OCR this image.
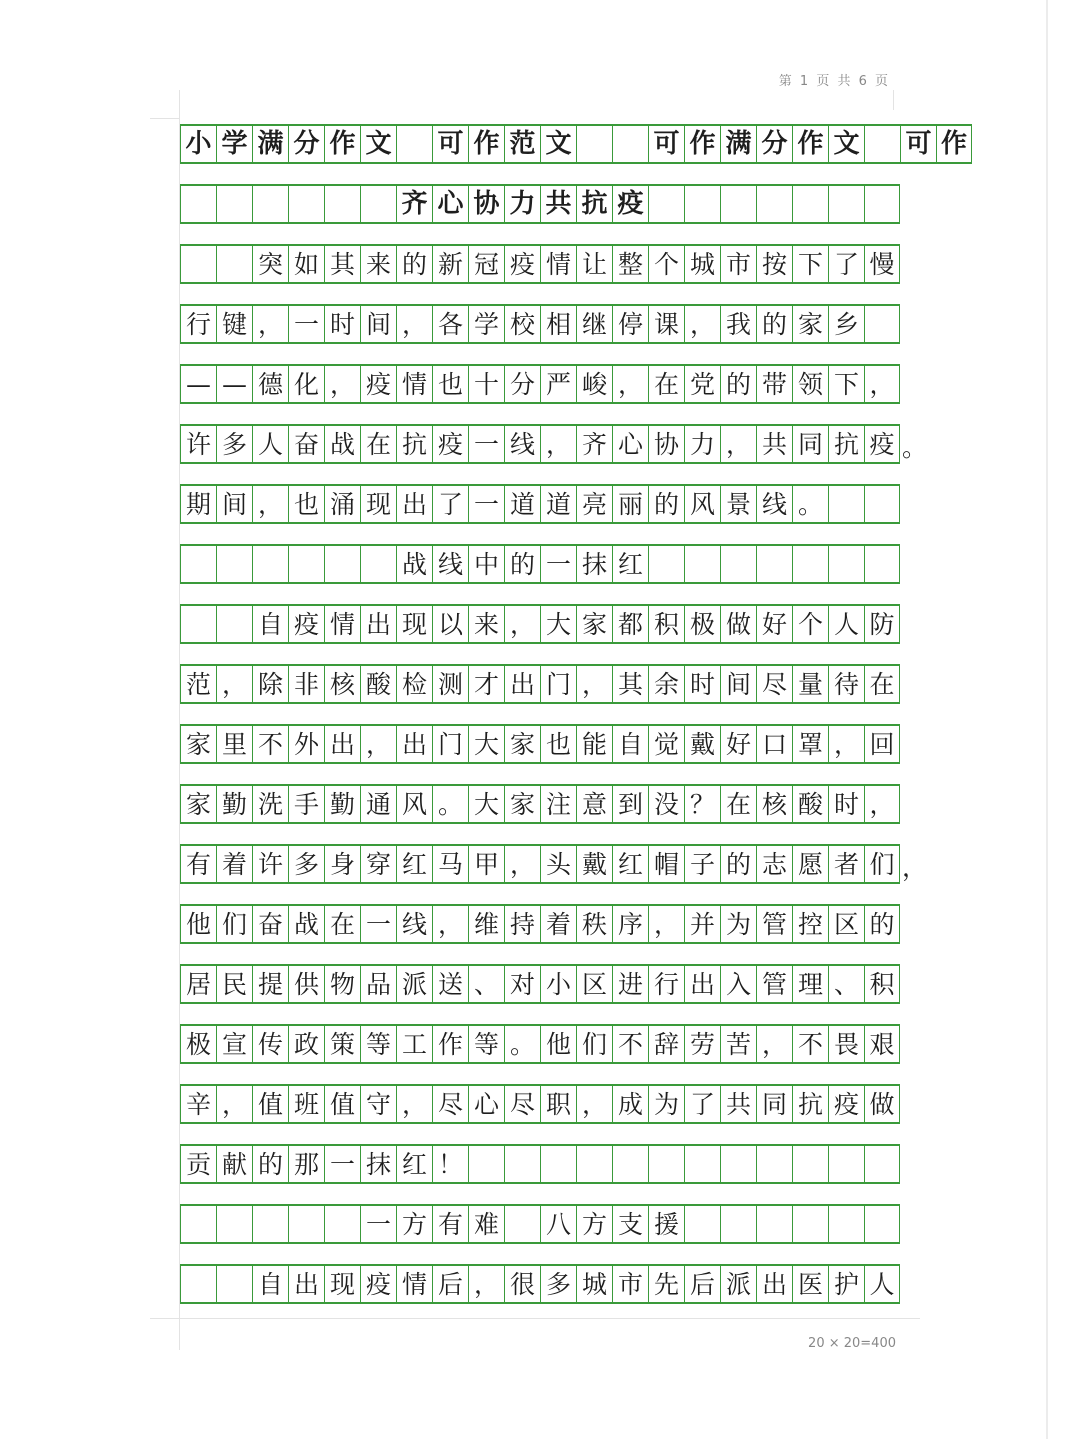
第 1 页 共 6 页
小 学 满 分 作 文 可 作 范 文	可 作 满 分 作 文 可 作
齐 心 协 力 共 抗 疫
突 如 其 来 的 新 冠 疫 情 让 整 个 城 市 按 下 了 慢
行 键 ， 一 时 间 ， 各 学 校 相 继 停 课 ， 我 的 家 乡
— — 德 化 ， 疫 情 也 十 分 严 峻 ， 在 党 的 带 领 下 ，
许 多 人 奋 战 在 抗 疫 一 线 ， 齐 心 协 力 ， 共 同 抗 疫
期 间 ， 也 涌 现 出 了 一 道 道 亮 丽 的 风 景 线 。
战 线 中 的 一 抹 红
自 疫 情 出 现 以 来 ， 大 家 都 积 极 做 好 个 人 防
范 ， 除 非 核 酸 检 测 才 出 门 ， 其 余 时 间 尽 量 待 在
家 里 不 外 出 ， 出 门 大 家 也 能 自 觉 戴 好 口 罩 ， 回
家 勤 洗 手 勤 通 风 。 大 家 注 意 到 没 ？ 在 核 酸 时 ，
有 着 许 多 身 穿 红 马 甲 ， 头 戴 红 帽 子 的 志 愿 者 们
他 们 奋 战 在 一 线 ， 维 持 着 秩 序 ， 并 为 管 控 区 的
居 民 提 供 物 品 派 送 、 对 小 区 进 行 出 入 管 理 、 积
极 宣 传 政 策 等 工 作 等 。 他 们 不 辞 劳 苦 ， 不 畏 艰
辛 ， 值 班 值 守 ， 尽 心 尽 职 ， 成 为 了 共 同 抗 疫 做
贡 献 的 那 一 抹 红 ！
一 方 有 难 八 方 支 援
自 出 现 疫 情 后 ， 很 多 城 市 先 后 派 出 医 护 人
。
，
20 × 20=400
